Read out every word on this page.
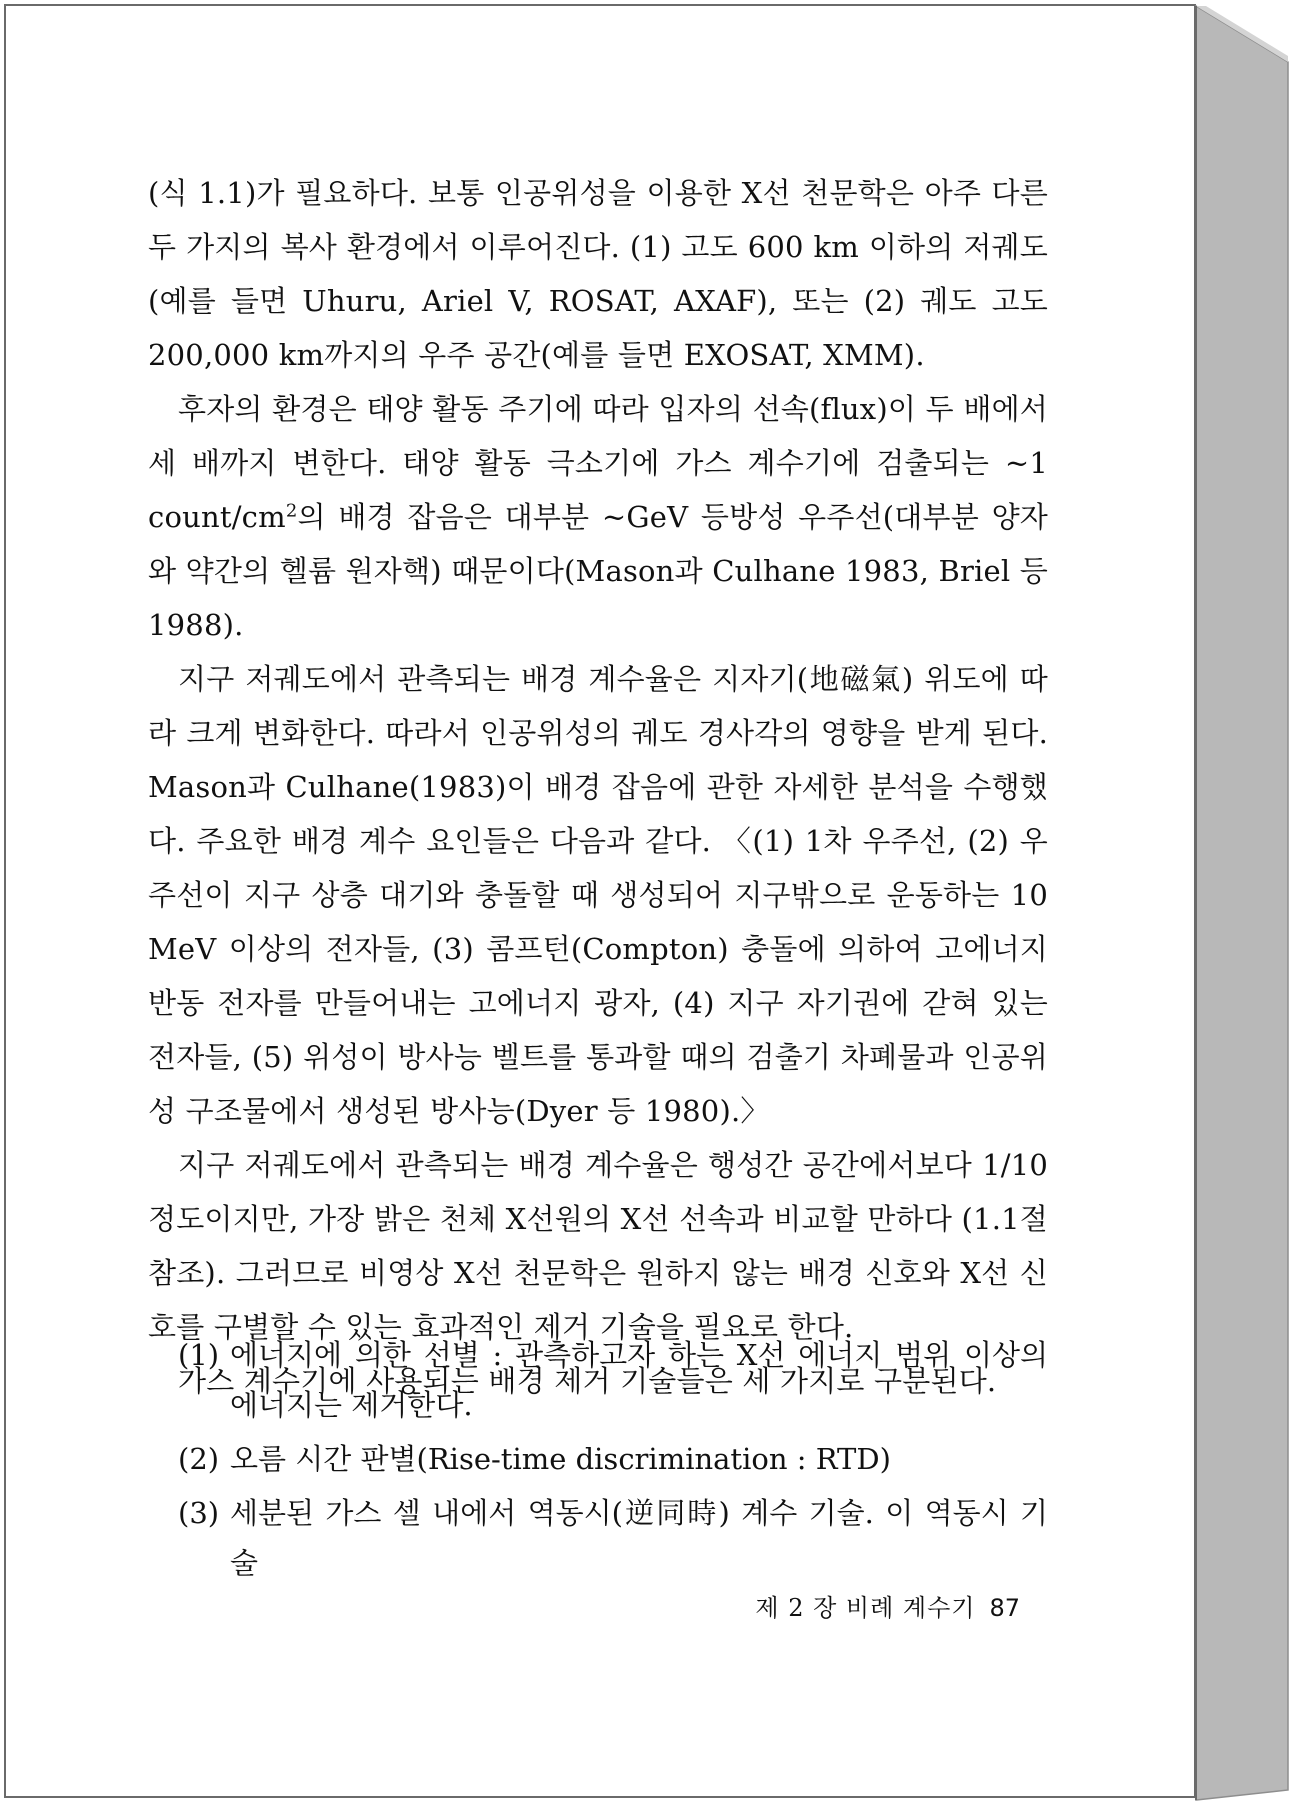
(식 1.1)가 필요하다. 보통 인공위성을 이용한 X선 천문학은 아주 다른 두 가지의 복사 환경에서 이루어진다. (1) 고도 600 km 이하의 저궤도(예를 들면 Uhuru, Ariel V, ROSAT, AXAF), 또는 (2) 궤도 고도 200,000 km까지의 우주 공간(예를 들면 EXOSAT, XMM).

후자의 환경은 태양 활동 주기에 따라 입자의 선속(flux)이 두 배에서 세 배까지 변한다. 태양 활동 극소기에 가스 계수기에 검출되는 ~1 count/$cm^2$의 배경 잡음은 대부분 ~GeV 등방성 우주선(대부분 양자와 약간의 헬륨 원자핵) 때문이다(Mason과 Culhane 1983, Briel 등 1988).

지구 저궤도에서 관측되는 배경 계수율은 지자기(地磁氣) 위도에 따라 크게 변화한다. 따라서 인공위성의 궤도 경사각의 영향을 받게 된다. Mason과 Culhane(1983)이 배경 잡음에 관한 자세한 분석을 수행했다. 주요한 배경 계수 요인들은 다음과 같다. 〈(1) 1차 우주선, (2) 우주선이 지구 상층 대기와 충돌할 때 생성되어 지구밖으로 운동하는 10 MeV 이상의 전자들, (3) 콤프턴(Compton) 충돌에 의하여 고에너지 반동 전자를 만들어내는 고에너지 광자, (4) 지구 자기권에 갇혀 있는 전자들, (5) 위성이 방사능 벨트를 통과할 때의 검출기 차폐물과 인공위성 구조물에서 생성된 방사능(Dyer 등 1980).〉

지구 저궤도에서 관측되는 배경 계수율은 행성간 공간에서보다 1/10 정도이지만, 가장 밝은 천체 X선원의 X선 선속과 비교할 만하다 (1.1절 참조). 그러므로 비영상 X선 천문학은 원하지 않는 배경 신호와 X선 신호를 구별할 수 있는 효과적인 제거 기술을 필요로 한다.

가스 계수기에 사용되는 배경 제거 기술들은 세 가지로 구분된다.

(1) 에너지에 의한 선별 : 관측하고자 하는 X선 에너지 범위 이상의 에너지는 제거한다.
(2) 오름 시간 판별(Rise-time discrimination : RTD)
(3) 세분된 가스 셀 내에서 역동시(逆同時) 계수 기술. 이 역동시 기술
제 2 장 비례 계수기 87
